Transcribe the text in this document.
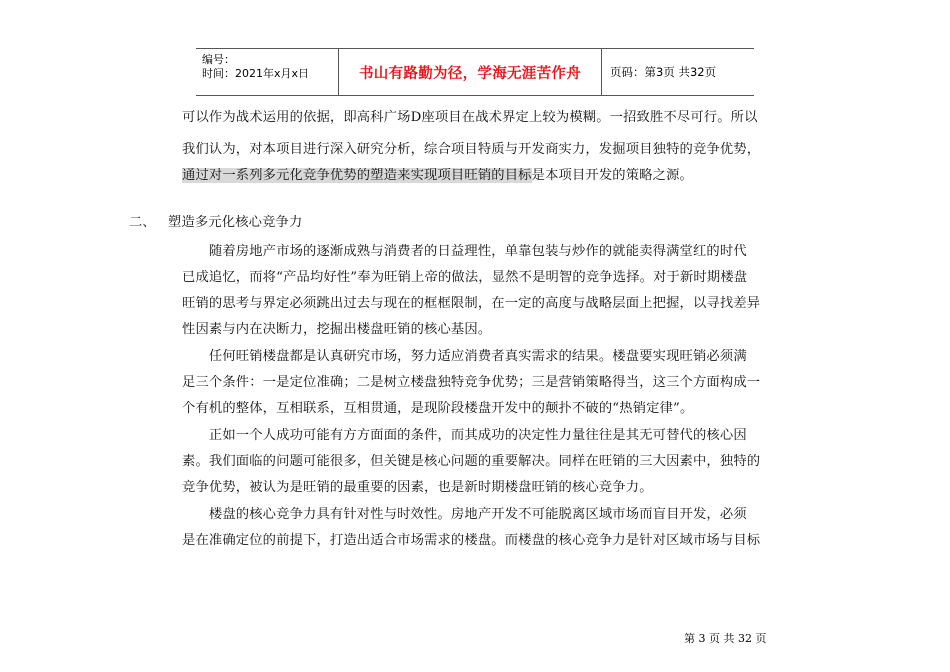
编号：
时间：2021年x月x日	书山有路勤为径，学海无涯苦作舟	页码：第3页 共32页
可以作为战术运用的依据，即高科广场D座项目在战术界定上较为模糊。一招致胜不尽可行。所以
我们认为，对本项目进行深入研究分析，综合项目特质与开发商实力，发掘项目独特的竞争优势，
通过对一系列多元化竞争优势的塑造来实现项目旺销的目标是本项目开发的策略之源。
二、 塑造多元化核心竞争力
　　随着房地产市场的逐渐成熟与消费者的日益理性，单靠包装与炒作的就能卖得满堂红的时代
已成追忆，而将“产品均好性”奉为旺销上帝的做法，显然不是明智的竞争选择。对于新时期楼盘
旺销的思考与界定必须跳出过去与现在的框框限制，在一定的高度与战略层面上把握，以寻找差异
性因素与内在决断力，挖掘出楼盘旺销的核心基因。
　　任何旺销楼盘都是认真研究市场，努力适应消费者真实需求的结果。楼盘要实现旺销必须满
足三个条件：一是定位准确；二是树立楼盘独特竞争优势；三是营销策略得当，这三个方面构成一
个有机的整体，互相联系，互相贯通，是现阶段楼盘开发中的颠扑不破的“热销定律”。
　　正如一个人成功可能有方方面面的条件，而其成功的决定性力量往往是其无可替代的核心因
素。我们面临的问题可能很多，但关键是核心问题的重要解决。同样在旺销的三大因素中，独特的
竞争优势，被认为是旺销的最重要的因素，也是新时期楼盘旺销的核心竞争力。
　　楼盘的核心竞争力具有针对性与时效性。房地产开发不可能脱离区域市场而盲目开发，必须
是在准确定位的前提下，打造出适合市场需求的楼盘。而楼盘的核心竞争力是针对区域市场与目标
第 3 页 共 32 页
